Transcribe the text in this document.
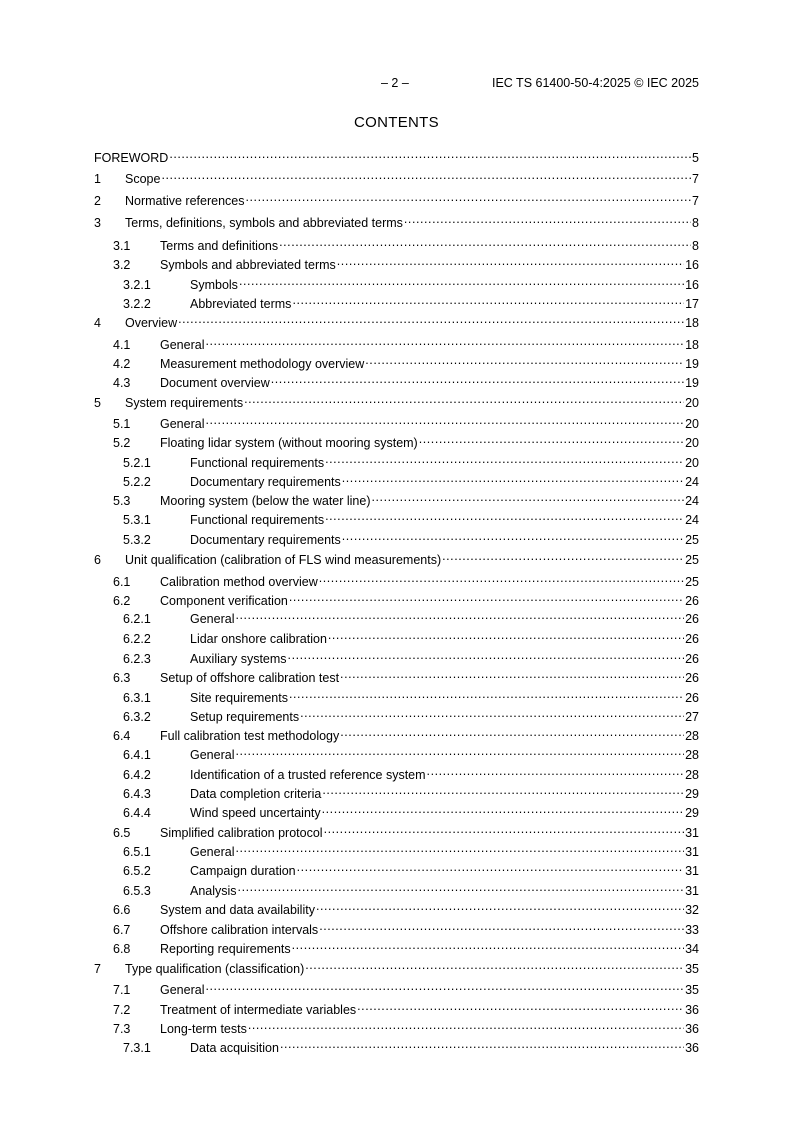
– 2 –	IEC TS 61400-50-4:2025 © IEC 2025
CONTENTS
FOREWORD .....	5
1	Scope .....	7
2	Normative references .....	7
3	Terms, definitions, symbols and abbreviated terms .....	8
3.1	Terms and definitions .....	8
3.2	Symbols and abbreviated terms .....	16
3.2.1	Symbols .....	16
3.2.2	Abbreviated terms .....	17
4	Overview .....	18
4.1	General .....	18
4.2	Measurement methodology overview .....	19
4.3	Document overview .....	19
5	System requirements .....	20
5.1	General .....	20
5.2	Floating lidar system (without mooring system) .....	20
5.2.1	Functional requirements .....	20
5.2.2	Documentary requirements .....	24
5.3	Mooring system (below the water line) .....	24
5.3.1	Functional requirements .....	24
5.3.2	Documentary requirements .....	25
6	Unit qualification (calibration of FLS wind measurements) .....	25
6.1	Calibration method overview .....	25
6.2	Component verification .....	26
6.2.1	General .....	26
6.2.2	Lidar onshore calibration .....	26
6.2.3	Auxiliary systems .....	26
6.3	Setup of offshore calibration test .....	26
6.3.1	Site requirements .....	26
6.3.2	Setup requirements .....	27
6.4	Full calibration test methodology .....	28
6.4.1	General .....	28
6.4.2	Identification of a trusted reference system .....	28
6.4.3	Data completion criteria .....	29
6.4.4	Wind speed uncertainty .....	29
6.5	Simplified calibration protocol .....	31
6.5.1	General .....	31
6.5.2	Campaign duration .....	31
6.5.3	Analysis .....	31
6.6	System and data availability .....	32
6.7	Offshore calibration intervals .....	33
6.8	Reporting requirements .....	34
7	Type qualification (classification) .....	35
7.1	General .....	35
7.2	Treatment of intermediate variables .....	36
7.3	Long-term tests .....	36
7.3.1	Data acquisition .....	36
